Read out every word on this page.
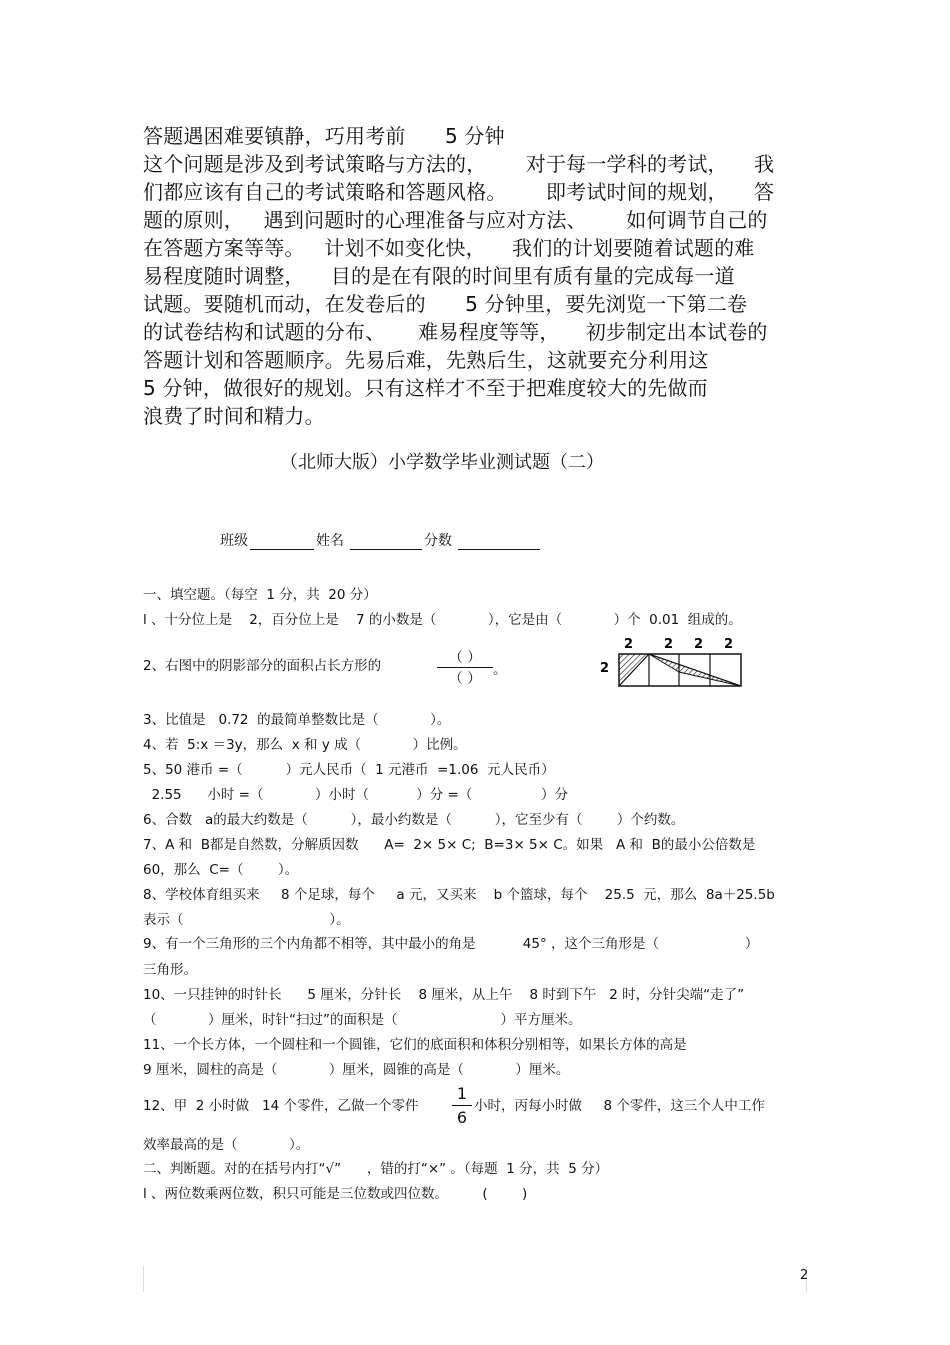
答题遇困难要镇静，巧用考前      5 分钟
这个问题是涉及到考试策略与方法的，      对于每一学科的考试，    我
们都应该有自己的考试策略和答题风格。      即考试时间的规划，    答
题的原则，   遇到问题时的心理准备与应对方法、      如何调节自己的
在答题方案等等。   计划不如变化快，    我们的计划要随着试题的难
易程度随时调整，    目的是在有限的时间里有质有量的完成每一道
试题。要随机而动，在发卷后的      5 分钟里，要先浏览一下第二卷
的试卷结构和试题的分布、     难易程度等等，    初步制定出本试卷的
答题计划和答题顺序。先易后难，先熟后生，这就要充分利用这
5 分钟，做很好的规划。只有这样才不至于把难度较大的先做而
浪费了时间和精力。
（北师大版）小学数学毕业测试题（二）
班级	姓名	分数
一、填空题。（每空  1 分，共  20 分）
l 、十分位上是    2，百分位上是    7 的小数是（            ），它是由（            ）个  0.01  组成的。
2、右图中的阴影部分的面积占长方形的	（ ）
（ ）
。
2 2 2 2
2
3、比值是   0.72  的最简单整数比是（            ）。
4、若  5:x ＝3y，那么  x 和 y 成（            ）比例。
5、50 港币 =（          ）元人民币（  1 元港币  =1.06  元人民币）
2.55      小时 =（            ）小时（           ）分 =（                ）分
6、合数   a的最大约数是（          ），最小约数是（          ），它至少有（        ）个约数。
7、A 和  B都是自然数，分解质因数      A=  2× 5× C;  B=3× 5× C。如果   A 和  B的最小公倍数是
60，那么  C=（        ）。
8、学校体育组买来     8 个足球，每个     a 元，又买来    b 个篮球，每个    25.5  元，那么  8a＋25.5b
表示（                                  ）。
9、有一个三角形的三个内角都不相等，其中最小的角是           45° ，这个三角形是（                    ）
三角形。
10、一只挂钟的时针长      5 厘米，分针长    8 厘米，从上午    8 时到下午   2 时，分针尖端“走了”
（            ）厘米，时针“扫过”的面积是（                        ）平方厘米。
11、一个长方体，一个圆柱和一个圆锥，它们的底面积和体积分别相等，如果长方体的高是
9 厘米，圆柱的高是（            ）厘米，圆锥的高是（            ）厘米。
12、甲  2 小时做   14 个零件，乙做一个零件
1
6
小时，丙每小时做     8 个零件，这三个人中工作
效率最高的是（            ）。
二、判断题。对的在括号内打“√”      ，错的打“×” 。（每题  1 分，共  5 分）
l 、两位数乘两位数，积只可能是三位数或四位数。        (        )
2
